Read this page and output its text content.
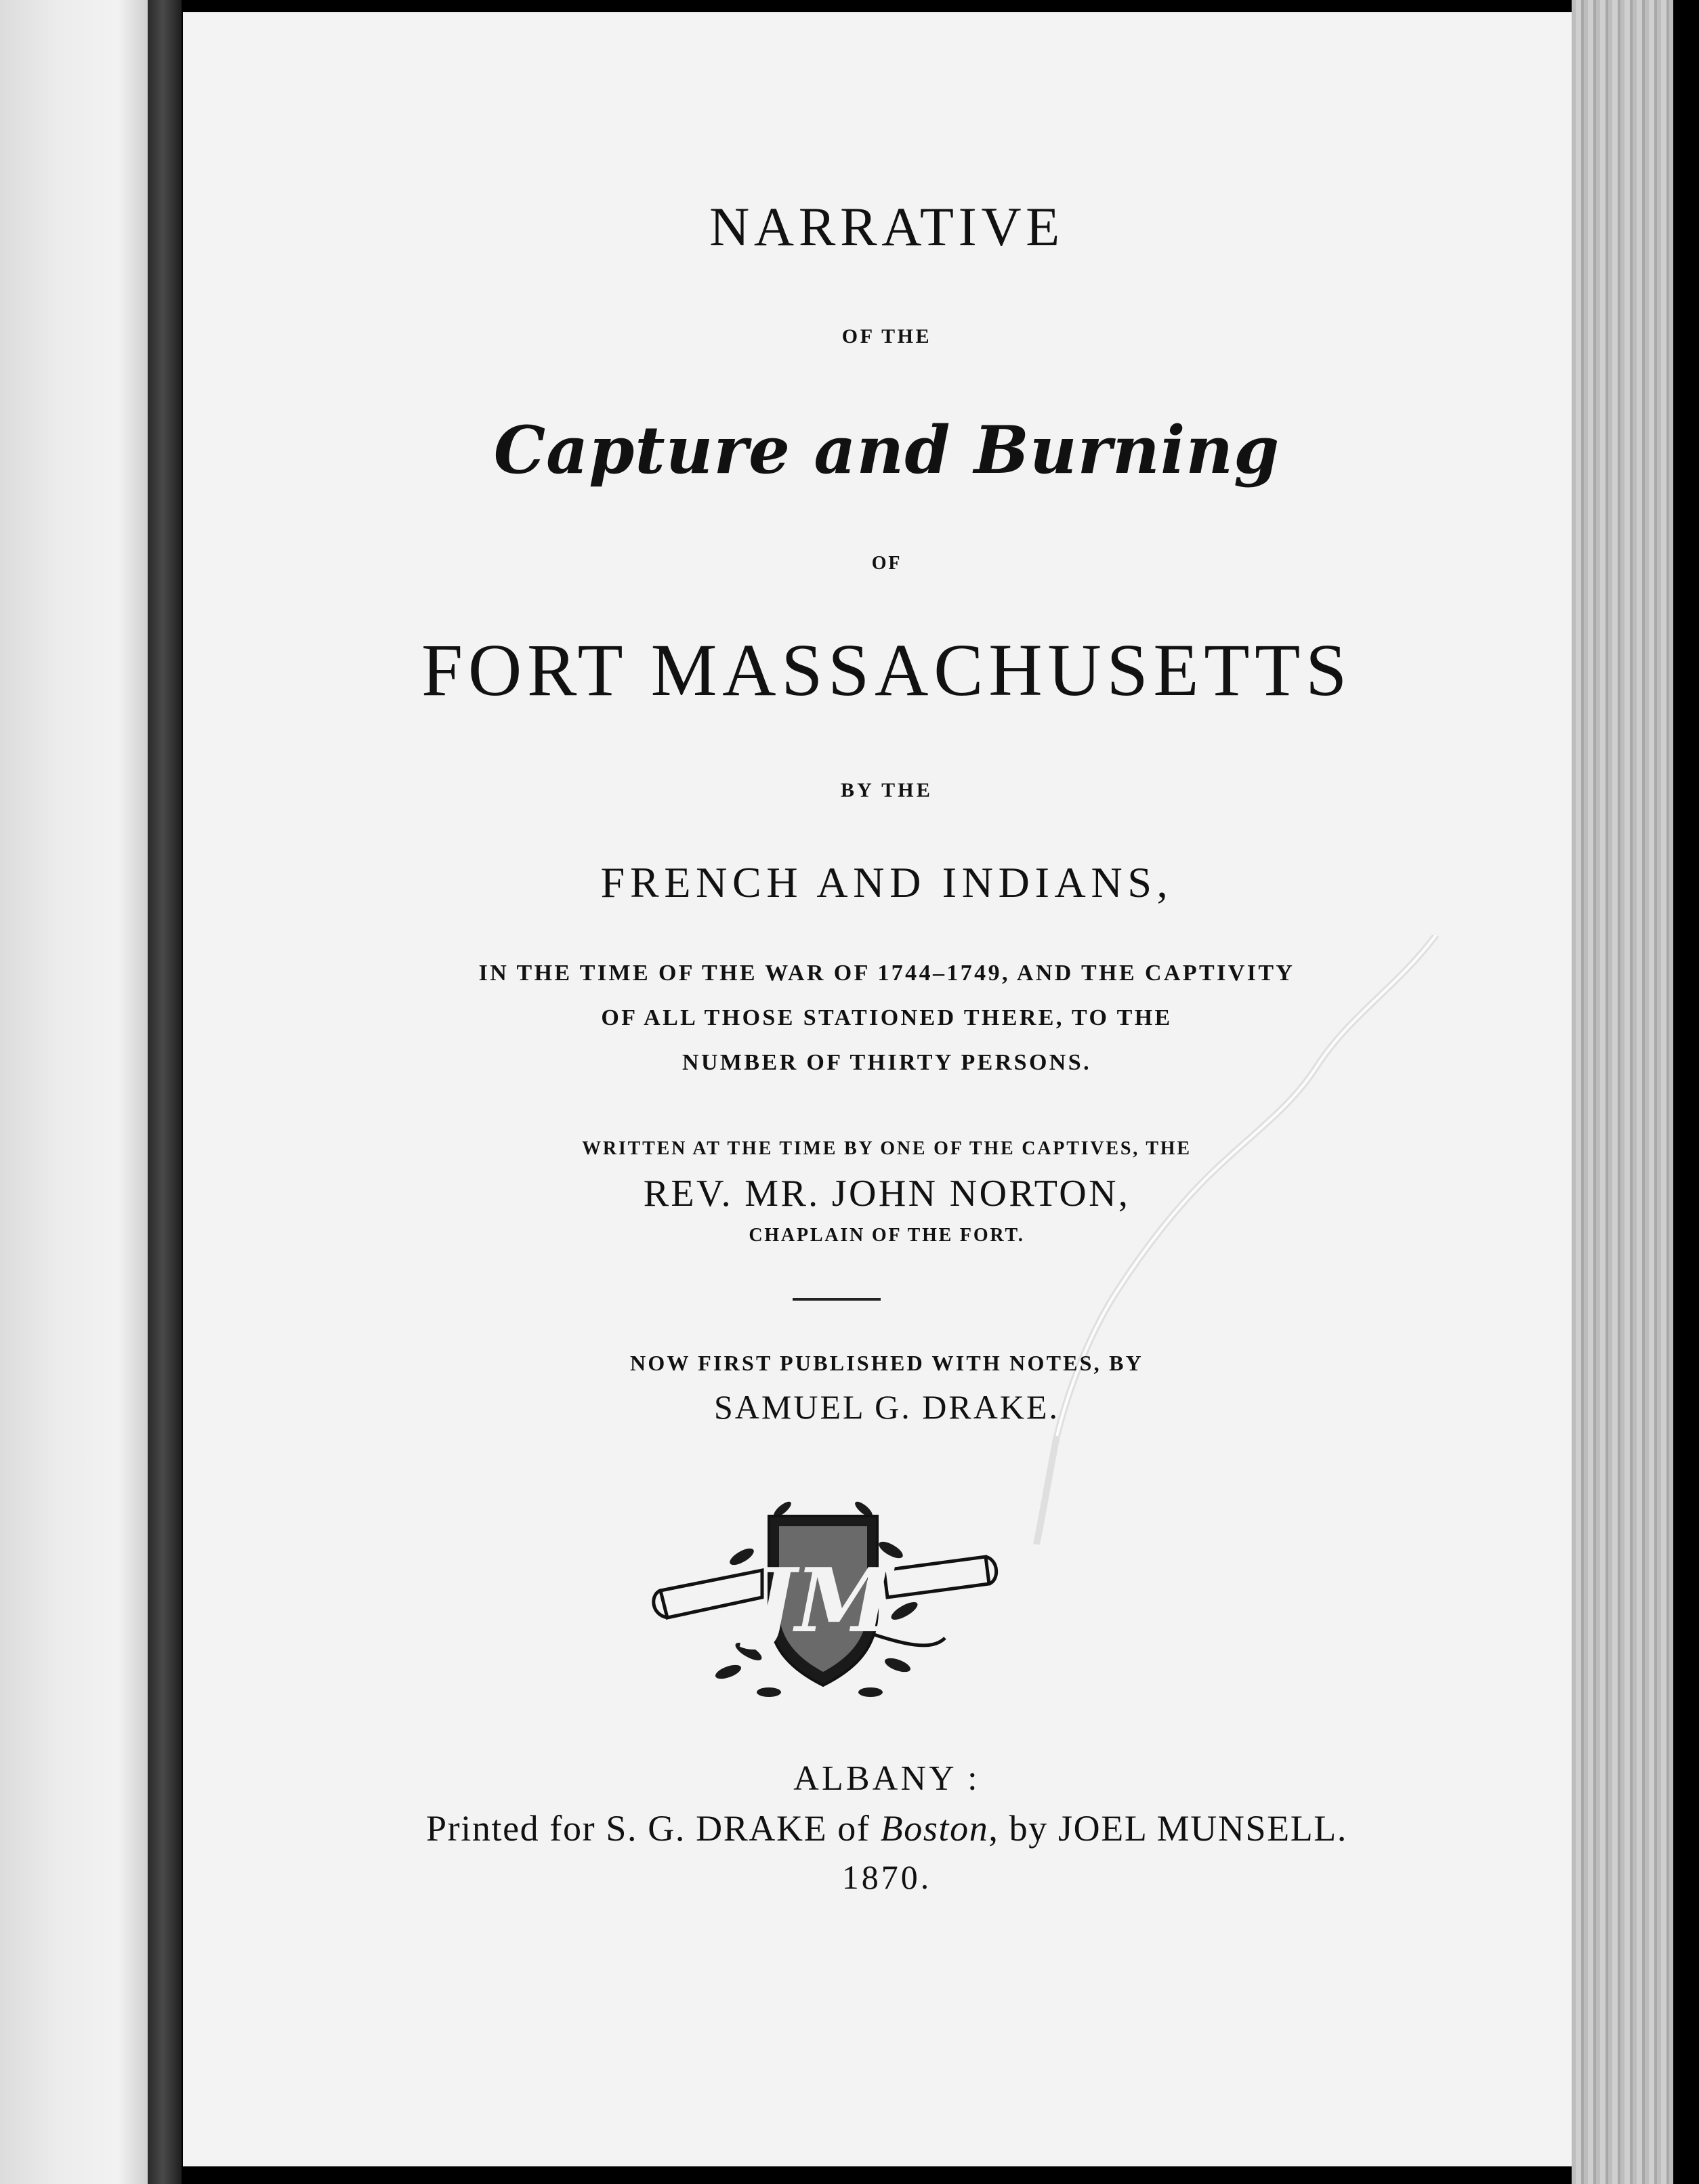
NARRATIVE
OF THE
Capture and Burning
OF
FORT MASSACHUSETTS
BY THE
FRENCH AND INDIANS,
IN THE TIME OF THE WAR OF 1744–1749, AND THE CAPTIVITY
OF ALL THOSE STATIONED THERE, TO THE
NUMBER OF THIRTY PERSONS.
WRITTEN AT THE TIME BY ONE OF THE CAPTIVES, THE
REV. MR. JOHN NORTON,
CHAPLAIN OF THE FORT.
NOW FIRST PUBLISHED WITH NOTES, BY
SAMUEL G. DRAKE.
JM
ALBANY :
Printed for S. G. DRAKE of Boston, by JOEL MUNSELL.
1870.
